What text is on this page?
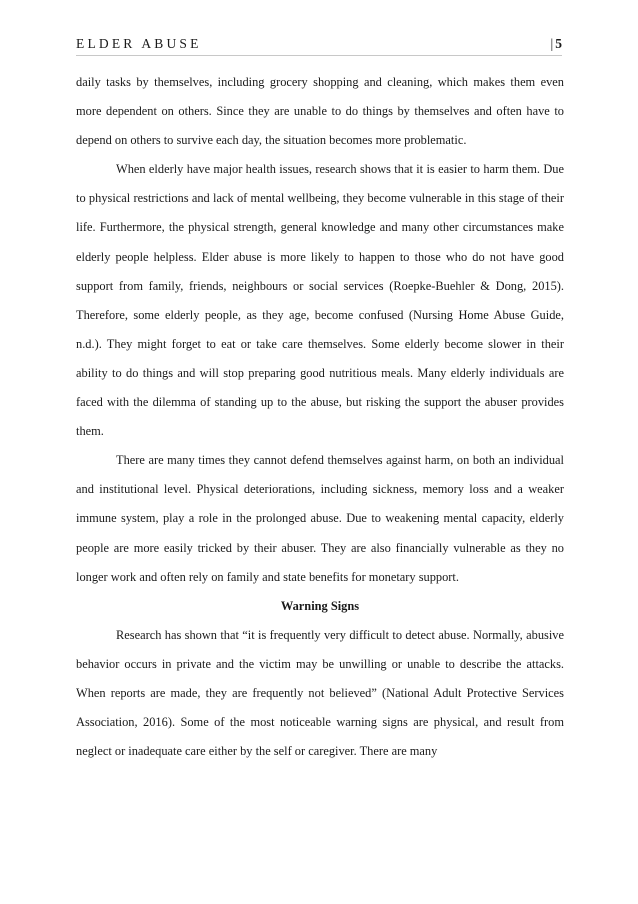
ELDER ABUSE	| 5

daily tasks by themselves, including grocery shopping and cleaning, which makes them even more dependent on others. Since they are unable to do things by themselves and often have to depend on others to survive each day, the situation becomes more problematic.

When elderly have major health issues, research shows that it is easier to harm them. Due to physical restrictions and lack of mental wellbeing, they become vulnerable in this stage of their life. Furthermore, the physical strength, general knowledge and many other circumstances make elderly people helpless. Elder abuse is more likely to happen to those who do not have good support from family, friends, neighbours or social services (Roepke-Buehler & Dong, 2015). Therefore, some elderly people, as they age, become confused (Nursing Home Abuse Guide, n.d.). They might forget to eat or take care themselves. Some elderly become slower in their ability to do things and will stop preparing good nutritious meals. Many elderly individuals are faced with the dilemma of standing up to the abuse, but risking the support the abuser provides them.

There are many times they cannot defend themselves against harm, on both an individual and institutional level. Physical deteriorations, including sickness, memory loss and a weaker immune system, play a role in the prolonged abuse. Due to weakening mental capacity, elderly people are more easily tricked by their abuser. They are also financially vulnerable as they no longer work and often rely on family and state benefits for monetary support.

Warning Signs

Research has shown that “it is frequently very difficult to detect abuse. Normally, abusive behavior occurs in private and the victim may be unwilling or unable to describe the attacks. When reports are made, they are frequently not believed” (National Adult Protective Services Association, 2016). Some of the most noticeable warning signs are physical, and result from neglect or inadequate care either by the self or caregiver. There are many
